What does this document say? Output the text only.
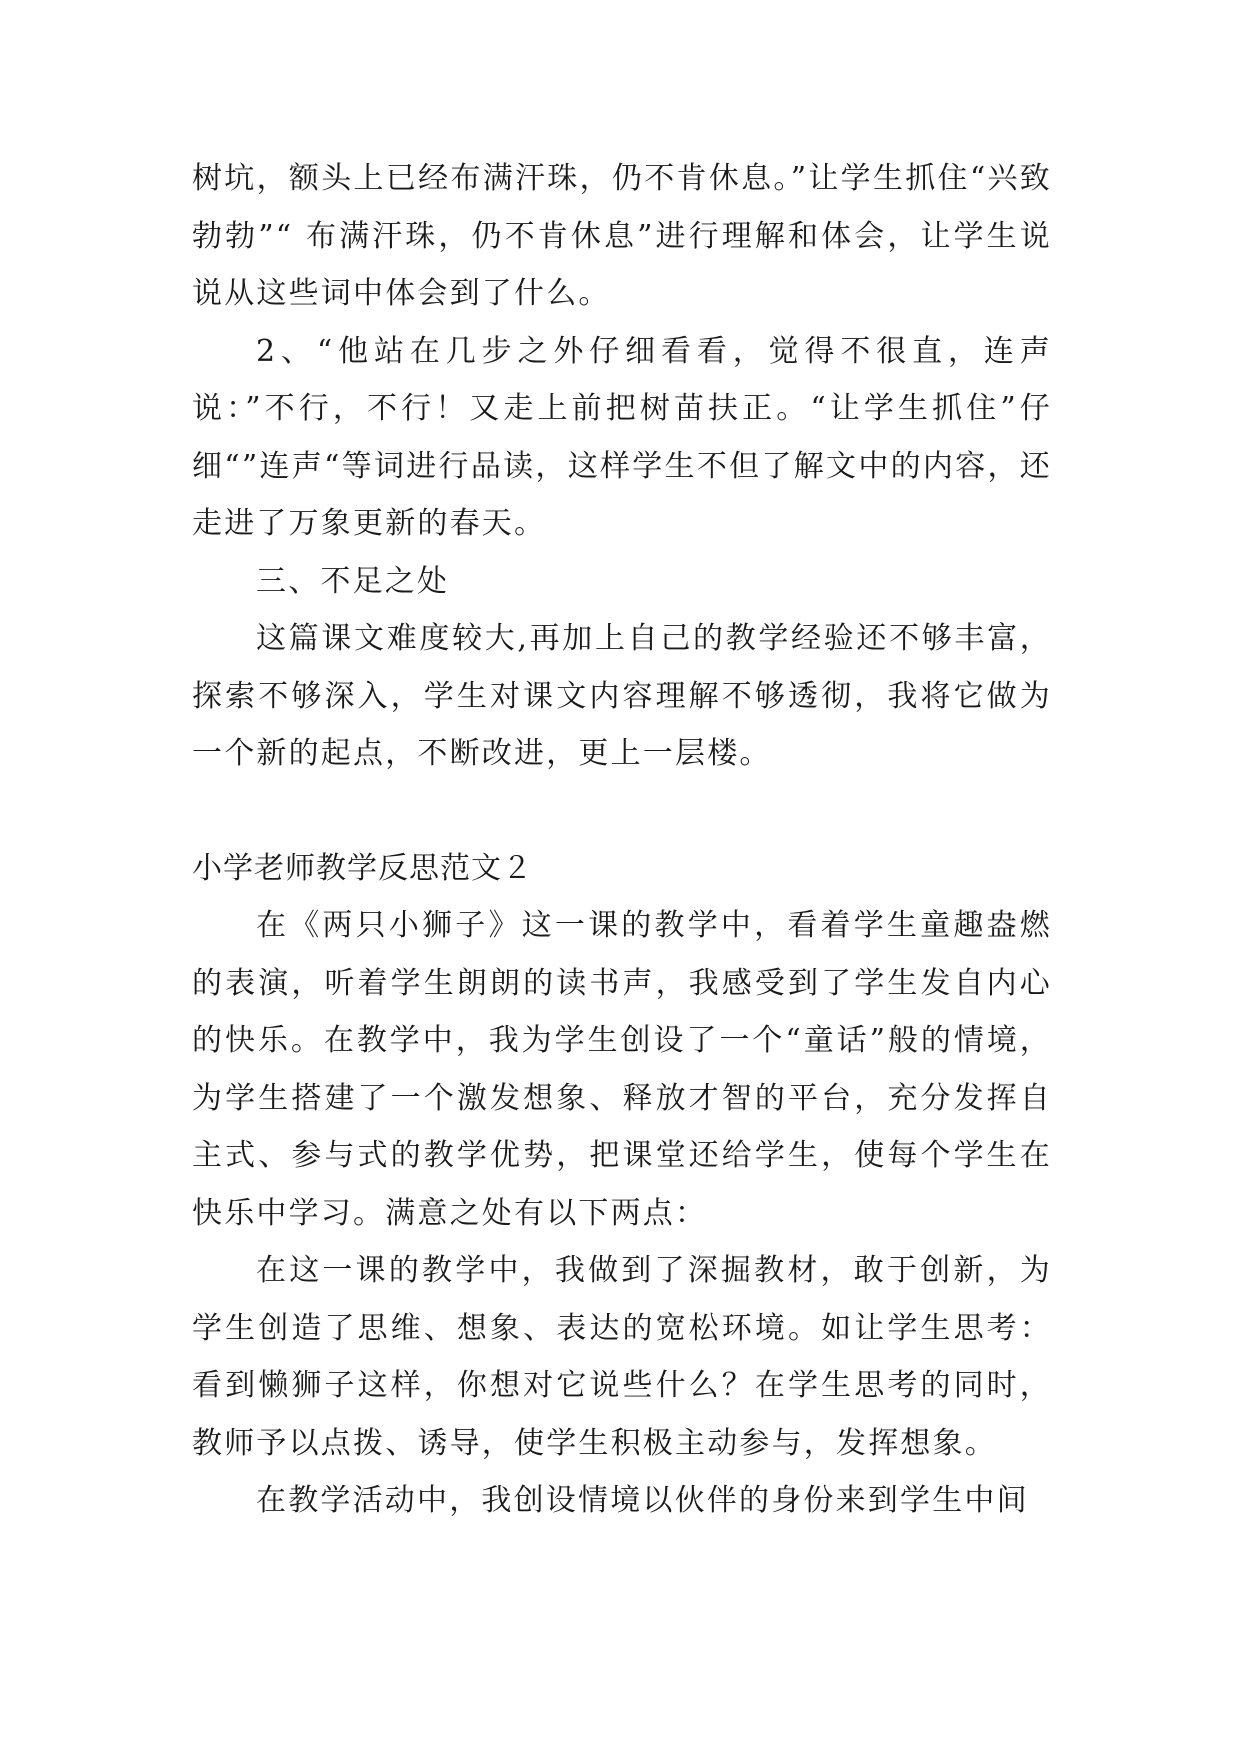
树坑，额头上已经布满汗珠，仍不肯休息。”让学生抓住“兴致勃勃”“ 布满汗珠，仍不肯休息”进行理解和体会，让学生说说从这些词中体会到了什么。

2、“他站在几步之外仔细看看，觉得不很直，连声说：”不行，不行！又走上前把树苗扶正。“让学生抓住”仔细“”连声“等词进行品读，这样学生不但了解文中的内容，还走进了万象更新的春天。

三、不足之处

这篇课文难度较大,再加上自己的教学经验还不够丰富，探索不够深入，学生对课文内容理解不够透彻，我将它做为一个新的起点，不断改进，更上一层楼。

小学老师教学反思范文２

在《两只小狮子》这一课的教学中，看着学生童趣盎燃的表演，听着学生朗朗的读书声，我感受到了学生发自内心的快乐。在教学中，我为学生创设了一个“童话”般的情境，为学生搭建了一个激发想象、释放才智的平台，充分发挥自主式、参与式的教学优势，把课堂还给学生，使每个学生在快乐中学习。满意之处有以下两点：

在这一课的教学中，我做到了深掘教材，敢于创新，为学生创造了思维、想象、表达的宽松环境。如让学生思考：看到懒狮子这样，你想对它说些什么？在学生思考的同时，教师予以点拨、诱导，使学生积极主动参与，发挥想象。

在教学活动中，我创设情境以伙伴的身份来到学生中间
